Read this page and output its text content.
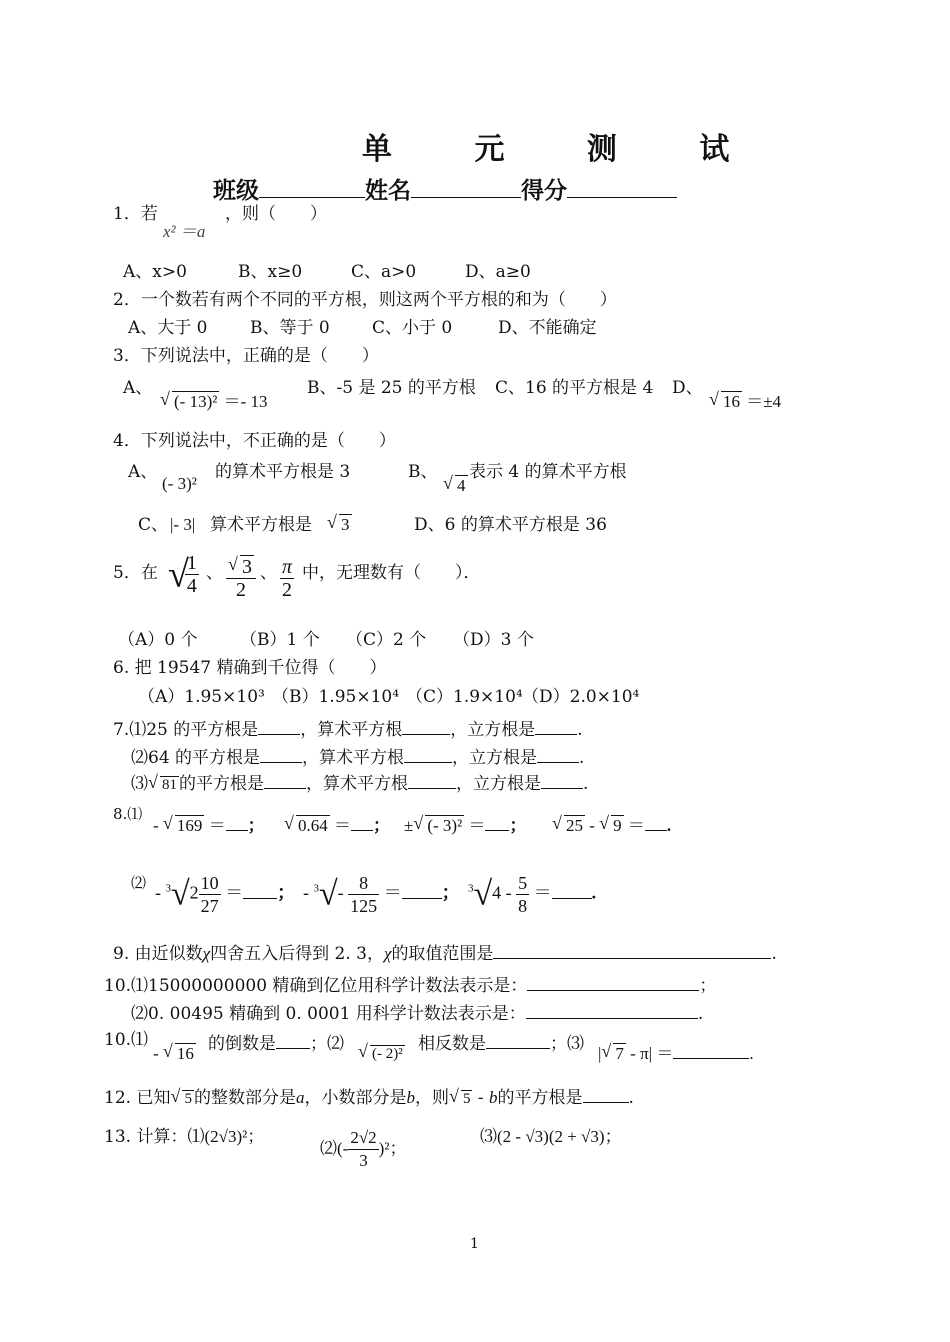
单 元 测 试
班级	姓名	得分
1．若
x² ＝a
，则（　　）
A、x>0	B、x≥0	C、a>0	D、a≥0
2．一个数若有两个不同的平方根，则这两个平方根的和为（　　）
A、大于 0	B、等于 0 C、小于 0	D、不能确定
3．下列说法中，正确的是（　　）
A、
√ (- 13)² ＝- 13
B、-5 是 25 的平方根 C、16 的平方根是 4 D、
√ 16 ＝±4
4．下列说法中，不正确的是（　　）
A、
(- 3)²
的算术平方根是 3	B、
√ 4
表示 4 的算术平方根
C、 |- 3| 算术平方根是	√ 3	D、6 的算术平方根是 36
5．在 √
$\frac{1}{4}$ 、 √ $\frac{3}{2}$ 、 $\frac{\pi}{2}$ 中，无理数有（　　）．
（A）0 个	（B）1 个 （C）2 个 （D）3 个
6. 把 19547 精确到千位得（　　）
（A）1.95×10³ （B）1.95×10⁴ （C）1.9×10⁴ （D）2.0×10⁴
7.⑴25 的平方根是 ，算术平方根	，立方根是 .
⑵64 的平方根是 ，算术平方根	，立方根是 .
⑶ √ 81 的平方根是 ，算术平方根	，立方根是 .
8.⑴
- √ 169 ＝ ；	√ 0.64 ＝ ； ± √ (- 3)² ＝ ；	√ 25 - √ 9 ＝ .
⑵ - $^3√2 \frac{10}{27}$ ＝ ； - $^3√- \frac{8}{125}$ ＝ ； $^3√4 - \frac{5}{8}$ ＝ .
9. 由近似数χ四舍五入后得到 2. 3，χ的取值范围是	.
10.⑴15000000000 精确到亿位用科学计数法表示是：	；
⑵0. 00495 精确到 0. 0001 用科学计数法表示是：	.
10.⑴
- √ 16 的倒数是 ；⑵	√ (- 2)² 相反数是	；⑶ | √ 7 - π| ＝	.
12. 已知 √ 5 的整数部分是a，小数部分是b，则 √ 5 - b的平方根是	.
13. 计算：⑴(2√3)²；
⑵(- $\frac{2√2}{3} )^2$；
⑶(2 - √3)(2 + √3)；
1
